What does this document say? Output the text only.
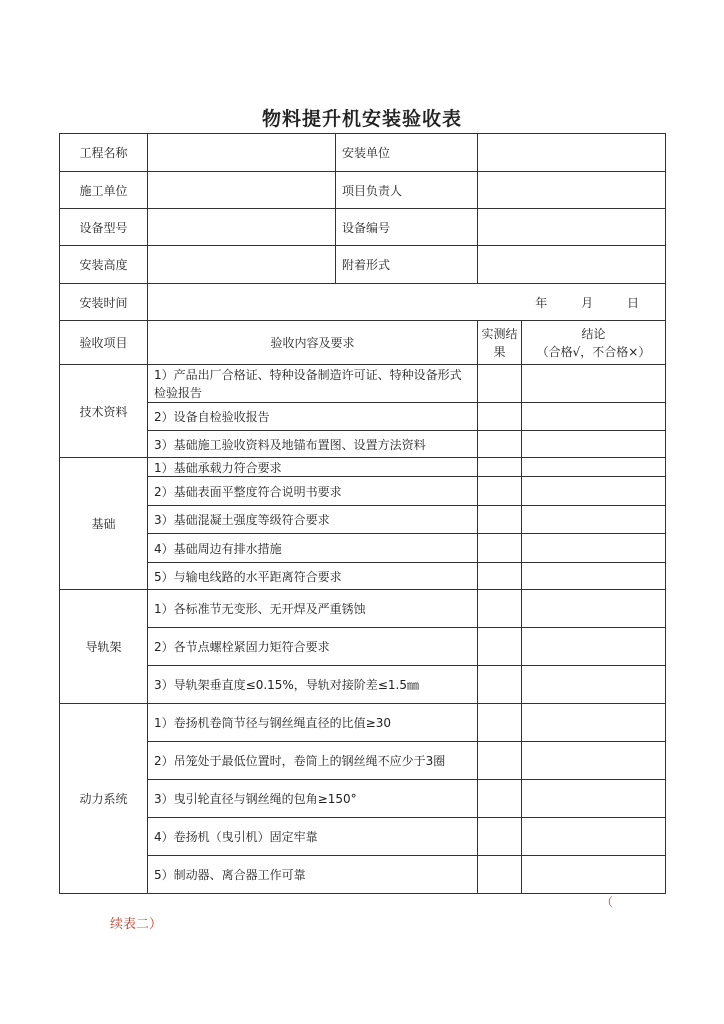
物料提升机安装验收表
工程名称		安装单位		
施工单位		项目负责人		
设备型号		设备编号		
安装高度		附着形式		
安装时间	年 月 日			
验收项目	验收内容及要求		实测结果	结论
（合格√，不合格×）

技术资料	1）产品出厂合格证、特种设备制造许可证、特种设备形式检验报告			
	2）设备自检验收报告			
	3）基础施工验收资料及地锚布置图、设置方法资料			
基础	1）基础承载力符合要求			
	2）基础表面平整度符合说明书要求			
	3）基础混凝土强度等级符合要求			
	4）基础周边有排水措施			
	5）与输电线路的水平距离符合要求			
导轨架	1）各标准节无变形、无开焊及严重锈蚀			
	2）各节点螺栓紧固力矩符合要求			
	3）导轨架垂直度≤0.15%，导轨对接阶差≤1.5㎜			
动力系统	1）卷扬机卷筒节径与钢丝绳直径的比值≥30			
	2）吊笼处于最低位置时，卷筒上的钢丝绳不应少于3圈			
	3）曳引轮直径与钢丝绳的包角≥150°			
	4）卷扬机（曳引机）固定牢靠			
	5）制动器、离合器工作可靠			
（
续表二）
